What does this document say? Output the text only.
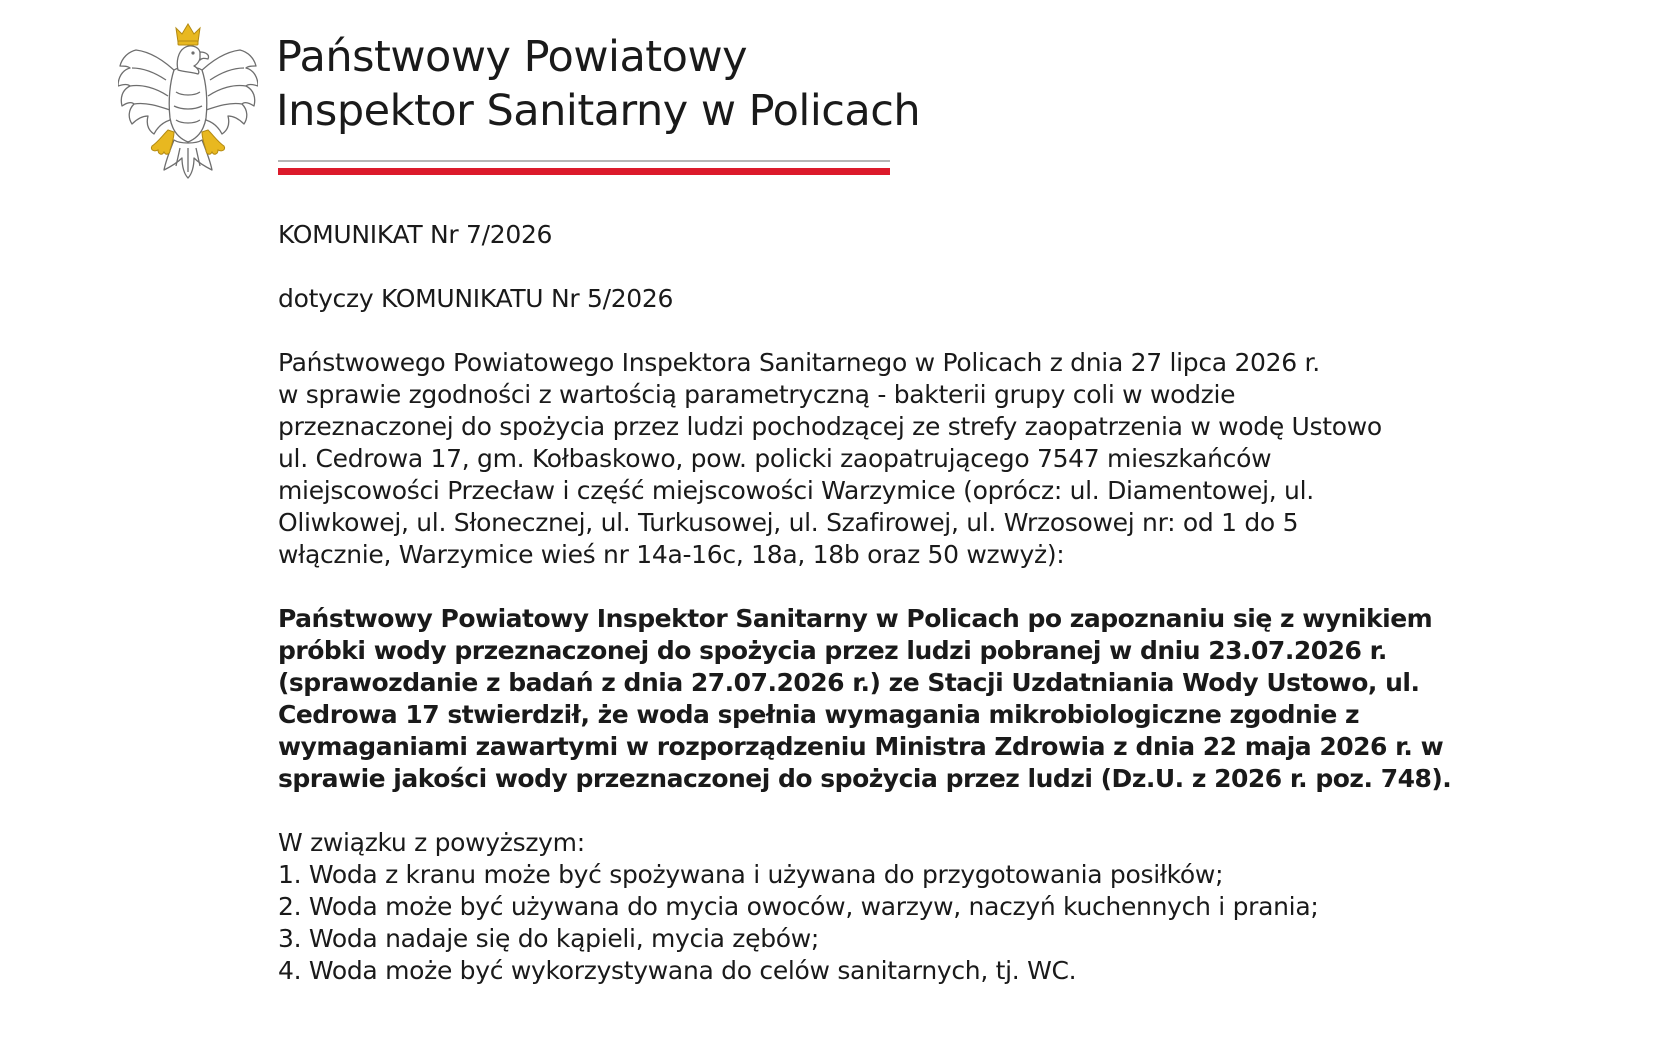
Państwowy Powiatowy
Inspektor Sanitarny w Policach
KOMUNIKAT Nr 7/2026
dotyczy KOMUNIKATU Nr 5/2026
Państwowego Powiatowego Inspektora Sanitarnego w Policach z dnia 27 lipca 2026 r.
w sprawie zgodności z wartością parametryczną - bakterii grupy coli w wodzie
przeznaczonej do spożycia przez ludzi pochodzącej ze strefy zaopatrzenia w wodę Ustowo
ul. Cedrowa 17, gm. Kołbaskowo, pow. policki zaopatrującego 7547 mieszkańców
miejscowości Przecław i część miejscowości Warzymice (oprócz: ul. Diamentowej, ul.
Oliwkowej, ul. Słonecznej, ul. Turkusowej, ul. Szafirowej, ul. Wrzosowej nr: od 1 do 5
włącznie, Warzymice wieś nr 14a-16c, 18a, 18b oraz 50 wzwyż):
Państwowy Powiatowy Inspektor Sanitarny w Policach po zapoznaniu się z wynikiem
próbki wody przeznaczonej do spożycia przez ludzi pobranej w dniu 23.07.2026 r.
(sprawozdanie z badań z dnia 27.07.2026 r.) ze Stacji Uzdatniania Wody Ustowo, ul.
Cedrowa 17 stwierdził, że woda spełnia wymagania mikrobiologiczne zgodnie z
wymaganiami zawartymi w rozporządzeniu Ministra Zdrowia z dnia 22 maja 2026 r. w
sprawie jakości wody przeznaczonej do spożycia przez ludzi (Dz.U. z 2026 r. poz. 748).
W związku z powyższym:
1. Woda z kranu może być spożywana i używana do przygotowania posiłków;
2. Woda może być używana do mycia owoców, warzyw, naczyń kuchennych i prania;
3. Woda nadaje się do kąpieli, mycia zębów;
4. Woda może być wykorzystywana do celów sanitarnych, tj. WC.
